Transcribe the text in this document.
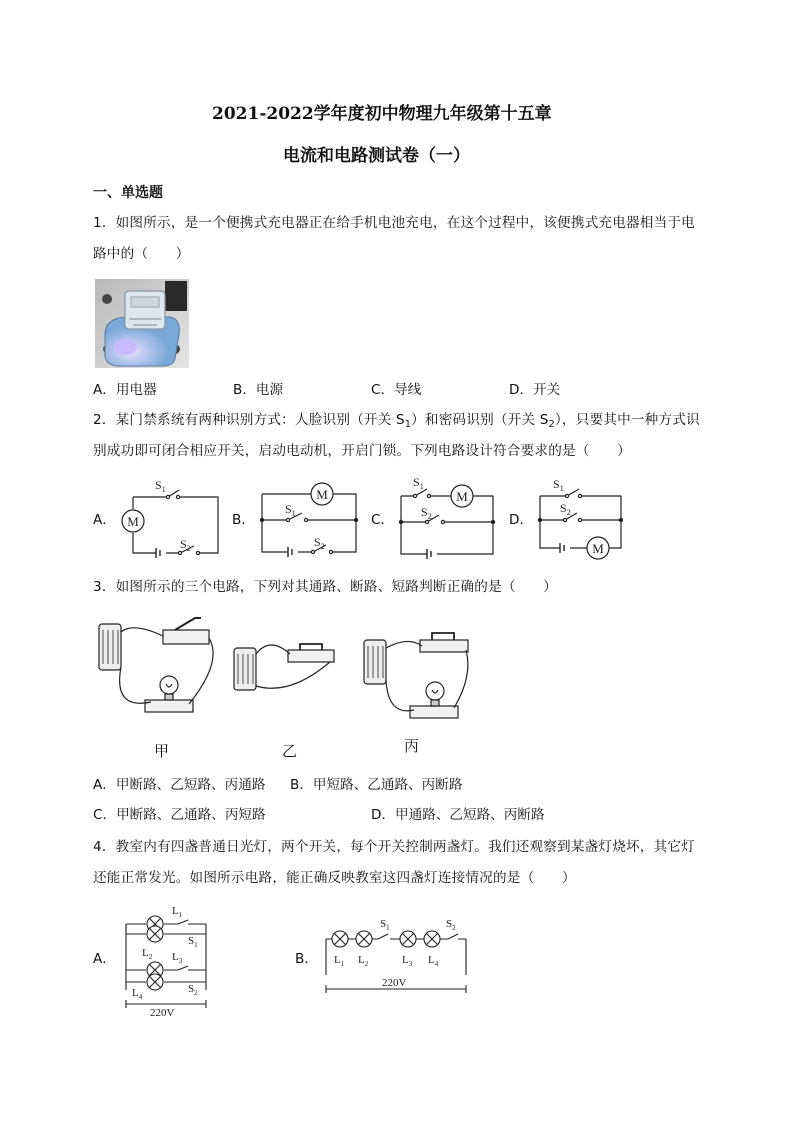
2021-2022学年度初中物理九年级第十五章
电流和电路测试卷（一）
一、单选题
1．如图所示，是一个便携式充电器正在给手机电池充电，在这个过程中，该便携式充电器相当于电
路中的（　　）
A．用电器	B．电源	C．导线	D．开关
2．某门禁系统有两种识别方式：人脸识别（开关 $S_1$）和密码识别（开关 $S_2$），只要其中一种方式识
别成功即可闭合相应开关，启动电动机，开启门锁。下列电路设计符合要求的是（　　）
A． M
$S_1$
$S_2$
B．
M
$S_1$
$S_2$
C．
M
$S_1$
$S_2$	D．
M
$S_1$
$S_2$
3．如图所示的三个电路，下列对其通路、断路、短路判断正确的是（　　）
甲	乙	丙
A．甲断路、乙短路、丙通路 B．甲短路、乙通路、丙断路
C．甲断路、乙通路、丙短路	D．甲通路、乙短路、丙断路
4．教室内有四盏普通日光灯，两个开关，每个开关控制两盏灯。我们还观察到某盏灯烧坏，其它灯
还能正常发光。如图所示电路，能正确反映教室这四盏灯连接情况的是（　　）
A．
$L_1$
$S_1$
$L_2$ $L_3$
$L_4$
$S_2$
220V
B． $L_1$ $L_2$
$S_1$
$L_3$ $L_4$
$S_2$
220V
